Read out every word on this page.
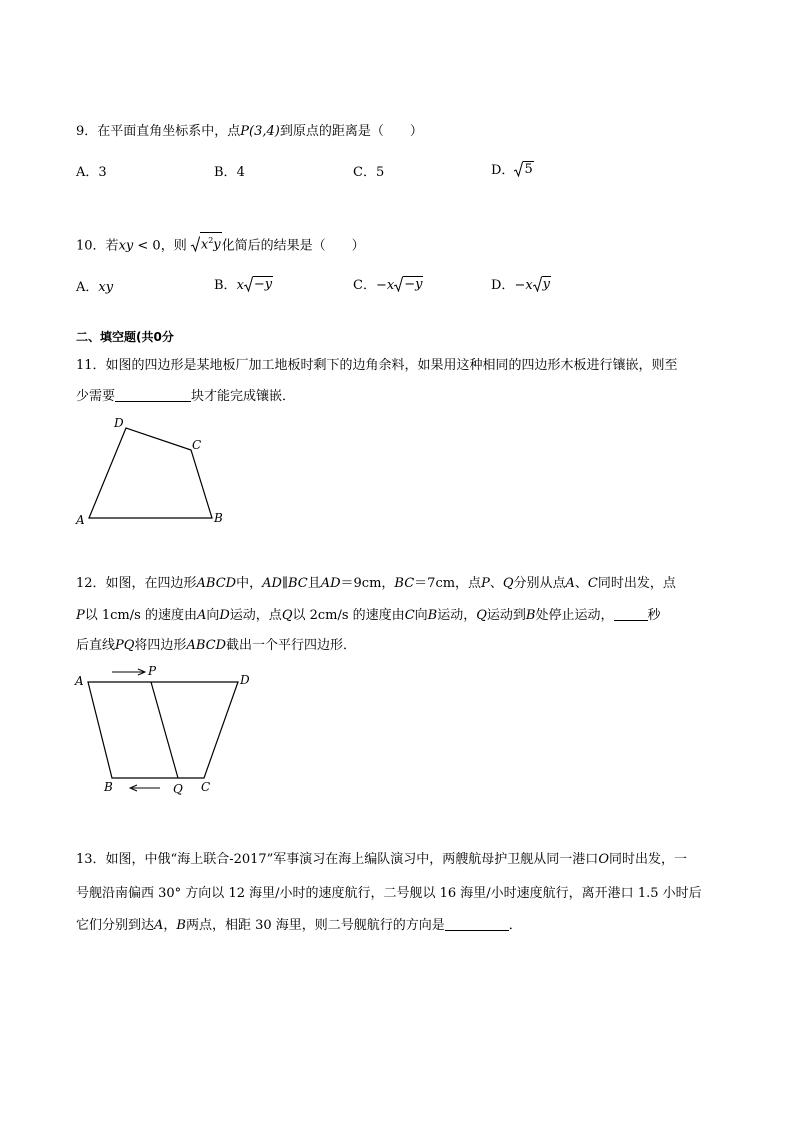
9．在平面直角坐标系中，点P(3,4)到原点的距离是（　　）
A．3	B．4	C．5	D． 5
10．若xy < 0，则 $x^2y$ 化简后的结果是（　　）
A．xy	B．x −y	C．−x −y	D．−x y
二、填空题(共0分
11．如图的四边形是某地板厂加工地板时剩下的边角余料，如果用这种相同的四边形木板进行镶嵌，则至
少需要	块才能完成镶嵌．
D
C
A	B
12．如图，在四边形ABCD中，AD∥BC且AD＝9cm，BC＝7cm，点P、Q分别从点A、C同时出发，点
P以 1cm/s 的速度由A向D运动，点Q以 2cm/s 的速度由C向B运动，Q运动到B处停止运动，	秒
后直线PQ将四边形ABCD截出一个平行四边形．
A
P
D
B	Q C
13．如图，中俄“海上联合-2017”军事演习在海上编队演习中，两艘航母护卫舰从同一港口O同时出发，一
号舰沿南偏西 30° 方向以 12 海里/小时的速度航行，二号舰以 16 海里/小时速度航行，离开港口 1.5 小时后
它们分别到达A，B两点，相距 30 海里，则二号舰航行的方向是	．
